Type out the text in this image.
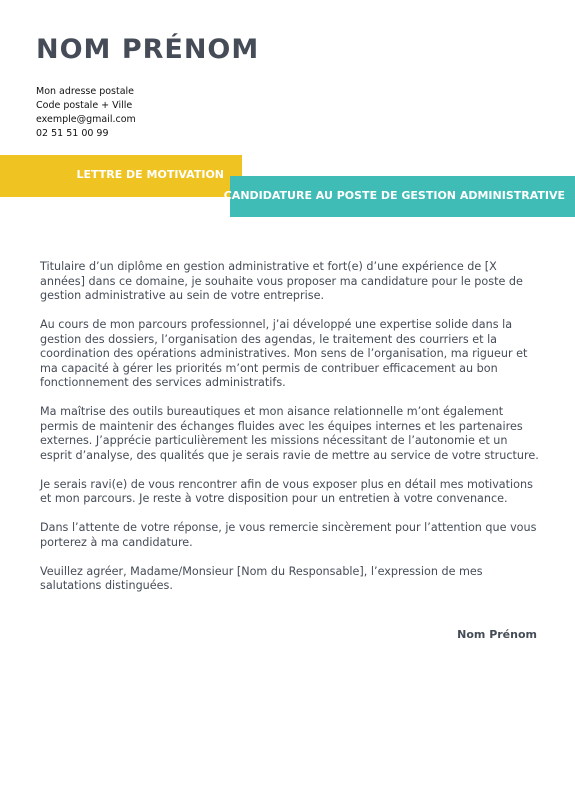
NOM PRÉNOM
Mon adresse postale
Code postale + Ville
exemple@gmail.com
02 51 51 00 99
LETTRE DE MOTIVATION
CANDIDATURE AU POSTE DE GESTION ADMINISTRATIVE

Titulaire d’un diplôme en gestion administrative et fort(e) d’une expérience de [X années] dans ce domaine, je souhaite vous proposer ma candidature pour le poste de gestion administrative au sein de votre entreprise.

Au cours de mon parcours professionnel, j’ai développé une expertise solide dans la gestion des dossiers, l’organisation des agendas, le traitement des courriers et la coordination des opérations administratives. Mon sens de l’organisation, ma rigueur et ma capacité à gérer les priorités m’ont permis de contribuer efficacement au bon fonctionnement des services administratifs.

Ma maîtrise des outils bureautiques et mon aisance relationnelle m’ont également permis de maintenir des échanges fluides avec les équipes internes et les partenaires externes. J’apprécie particulièrement les missions nécessitant de l’autonomie et un esprit d’analyse, des qualités que je serais ravie de mettre au service de votre structure.

Je serais ravi(e) de vous rencontrer afin de vous exposer plus en détail mes motivations et mon parcours. Je reste à votre disposition pour un entretien à votre convenance.

Dans l’attente de votre réponse, je vous remercie sincèrement pour l’attention que vous porterez à ma candidature.

Veuillez agréer, Madame/Monsieur [Nom du Responsable], l’expression de mes salutations distinguées.

Nom Prénom
